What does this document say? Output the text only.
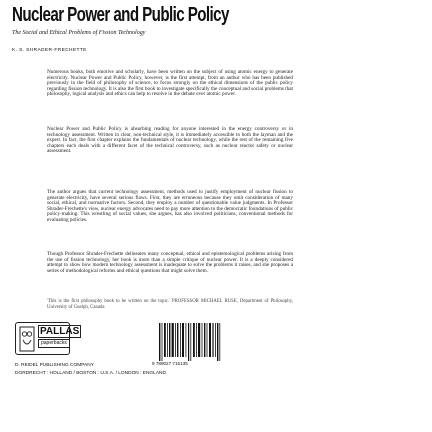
Nuclear Power and Public Policy
The Social and Ethical Problems of Fission Technology
K. S. SHRADER-FRECHETTE

Numerous books, both emotive and scholarly, have been written on the subject of using atomic energy to generate electricity. Nuclear Power and Public Policy, however, is the first attempt, from an author who has been published previously in the field of philosophy of science, to focus strongly on the ethical dimensions of the public policy regarding fission technology. It is also the first book to investigate specifically the conceptual and social problems that philosophy, logical analysis and ethics can help to resolve in the debate over atomic power.

Nuclear Power and Public Policy is absorbing reading for anyone interested in the energy controversy or in technology assessment. Written in clear, non-technical style, it is immediately accessible to both the layman and the expert. In fact, the first chapter explains the fundamentals of nuclear technology, while the rest of the remaining five chapters each deals with a different facet of the technical controversy, such as nuclear reactor safety or nuclear assessment.

The author argues that current technology assessment, methods used to justify employment of nuclear fission to generate electricity, have several serious flaws. First, they are erroneous because they omit consideration of many social, ethical, and normative factors. Second, they employ a number of questionable value judgments. In Professor Shrader-Frechette's view, nuclear energy advocates need to pay more attention to the democratic foundations of public policy-making. This wrestling of social values, she argues, has also involved politicians, conventional methods for evaluating policies.

Though Professor Shrader-Frechette delineates many conceptual, ethical and epistemological problems arising from the use of fission technology, her book is more than a simple critique of nuclear power. It is a deeply considered attempt to show how modern technology assessment is inadequate to solve the problems it raises, and she proposes a series of methodological reforms and ethical questions that might solve them.

'This is the first philosophy book to be written on the topic.' PROFESSOR MICHAEL RUSE, Department of Philosophy, University of Guelph, Canada

PALLAS
paperbacks
9 789027 715135
D. REIDEL PUBLISHING COMPANY
DORDRECHT : HOLLAND / BOSTON : U.S.A. / LONDON : ENGLAND
